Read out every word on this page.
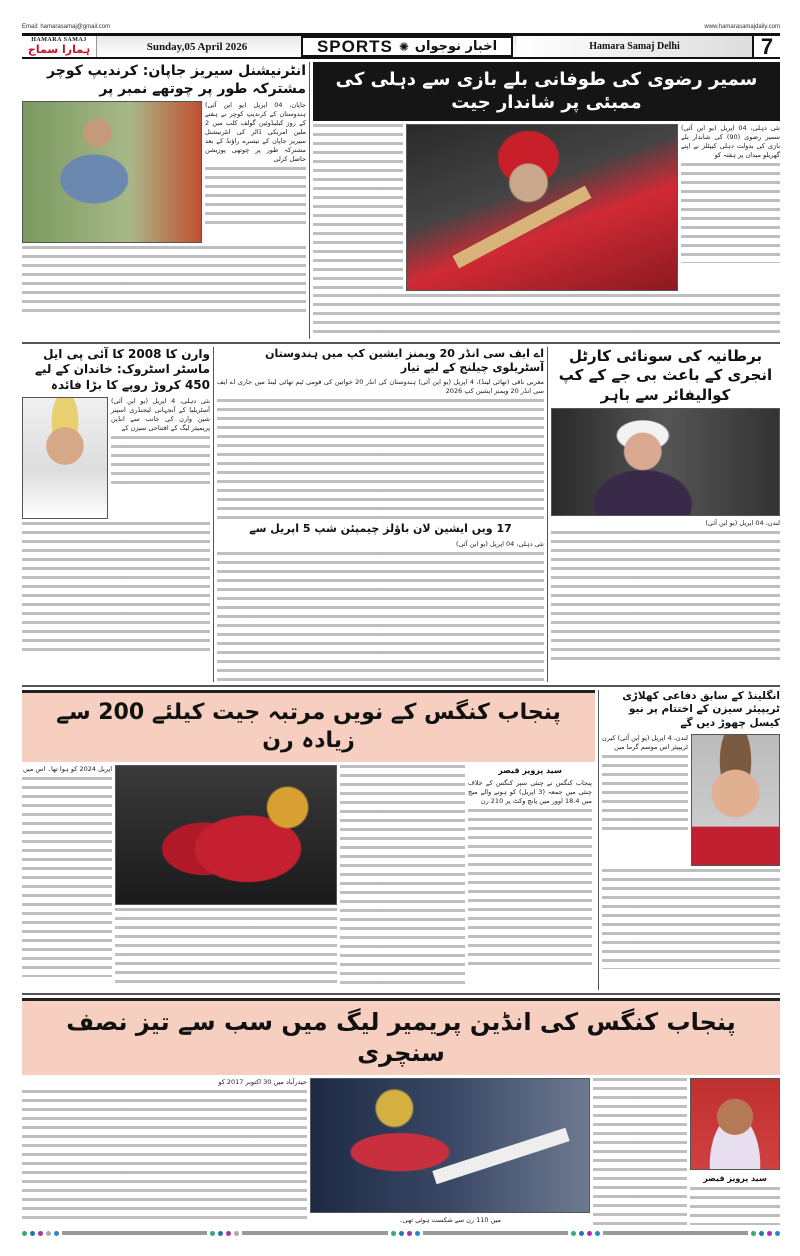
Email: hamarasamaj@gmail.com	www.hamarasamajdaily.com
HAMARA SAMAJ
ہمارا سماج	Sunday,05 April 2026	SPORTS ✺ اخبار نوجواں	Hamara Samaj Delhi	7
انٹرنیشنل سیریز جاپان: کرندیپ کوچر مشترکہ طور پر چوتھے نمبر پر
جاپان، 04 اپریل (یو این آئی) ہندوستان کے کرندیپ کوچر نے ہفتے کے روز کیلیڈوئین گولف کلب میں 2 ملین امریکی ڈالر کی انٹرنیشنل سیریز جاپان کے تیسرے راؤنڈ کے بعد مشترکہ طور پر چوتھی پوزیشن حاصل کرلی
سمیر رضوی کی طوفانی بلے بازی سے دہلی کی ممبئی پر شاندار جیت
نئی دہلی، 04 اپریل (یو این آئی) سمیر رضوی (90) کی شاندار بلے بازی کی بدولت دہلی کیپٹلز نے اپنے گھریلو میدان پر ہفتہ کو
وارن کا 2008 کا آئی پی ایل ماسٹر اسٹروک: خاندان کے لیے 450 کروڑ روپے کا بڑا فائدہ
نئی دہلی، 4 اپریل (یو این آئی) آسٹریلیا کے آنجہانی لیجنڈری اسپنر شین وارن کی جانب سے انڈین پریمیئر لیگ کے افتتاحی سیزن کے
اے ایف سی انڈر 20 ویمنز ایشین کپ میں ہندوستان آسٹریلوی چیلنج کے لیے تیار
مغربی ناقی (تھائی لینڈ)، 4 اپریل (یو این آئی) ہندوستان کی انڈر 20 خواتین کی قومی ٹیم تھائی لینڈ میں جاری اے ایف سی انڈر 20 ویمنز ایشین کپ 2026
17 ویں ایشین لان باؤلز چیمپئن شپ 5 اپریل سے
نئی دہلی، 04 اپریل (یو این آئی)
برطانیہ کی سونائی کارٹل انجری کے باعث بی جے کے کپ کوالیفائر سے باہر
لندن، 04 اپریل (یو این آئی)
پنجاب کنگس کے نویں مرتبہ جیت کیلئے 200 سے زیادہ رن
اپریل 2024 کو ہوا تھا۔ اس میں	سید پرویز قیصر
پنجاب کنگس نے چنئی سپر کنگس کے خلاف چنئی میں جمعہ (3 اپریل) کو ہونے والے میچ میں 18.4 اوور میں پانچ وکٹ پر 210 رن
انگلینڈ کے سابق دفاعی کھلاڑی ٹریپیئر سیزن کے اختتام پر نیو کیسل چھوڑ دیں گے
لندن، 4 اپریل (یو این آئی) کیرن ٹریپیئر اس موسم گرما میں
پنجاب کنگس کی انڈین پریمیر لیگ میں سب سے تیز نصف سنچری
حیدرآباد میں 30 اکتوبر 2017 کو
میں 110 رن سے شکست ہوئی تھی۔
سید پرویز قیصر
